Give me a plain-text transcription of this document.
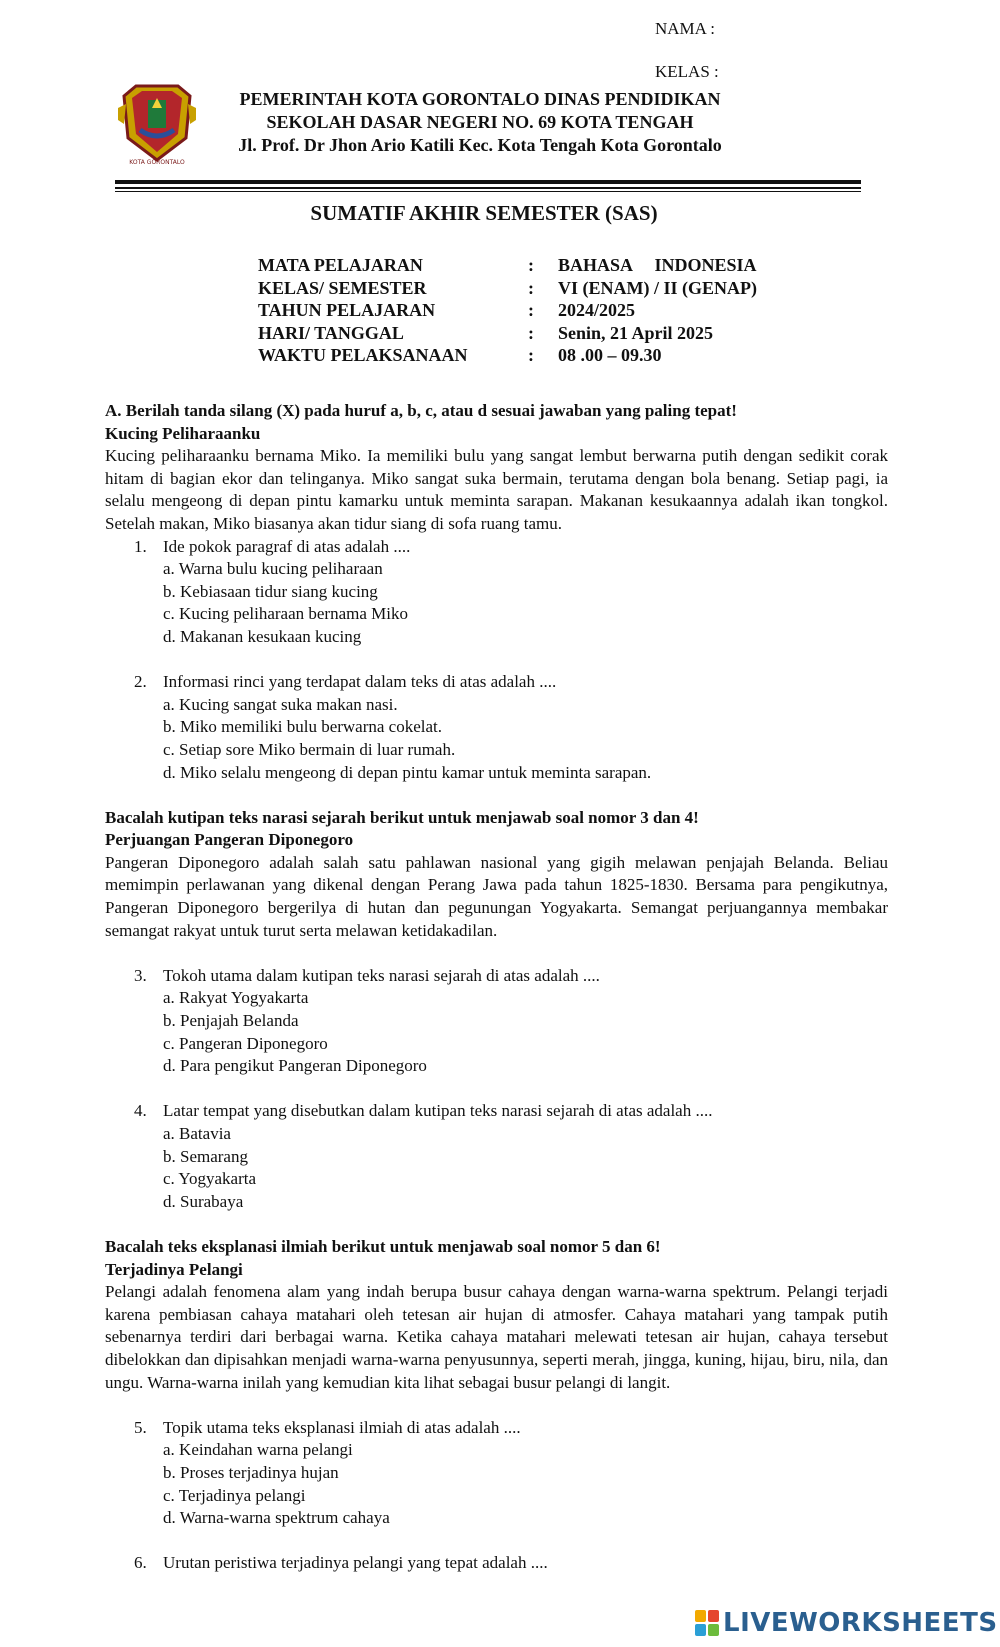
NAMA :
KELAS :
KOTA GORONTALO
PEMERINTAH KOTA GORONTALO DINAS PENDIDIKAN
SEKOLAH DASAR NEGERI NO. 69 KOTA TENGAH
Jl. Prof. Dr Jhon Ario Katili Kec. Kota Tengah Kota Gorontalo
SUMATIF AKHIR SEMESTER (SAS)
MATA PELAJARAN	:	BAHASA     INDONESIA
KELAS/ SEMESTER	:	VI (ENAM) / II (GENAP)
TAHUN PELAJARAN	:	2024/2025
HARI/ TANGGAL	:	Senin, 21 April 2025
WAKTU PELAKSANAAN	:	08 .00 – 09.30

A. Berilah tanda silang (X) pada huruf a, b, c, atau d sesuai jawaban yang paling tepat!

Kucing Peliharaanku

Kucing peliharaanku bernama Miko. Ia memiliki bulu yang sangat lembut berwarna putih dengan sedikit corak hitam di bagian ekor dan telinganya. Miko sangat suka bermain, terutama dengan bola benang. Setiap pagi, ia selalu mengeong di depan pintu kamarku untuk meminta sarapan. Makanan kesukaannya adalah ikan tongkol. Setelah makan, Miko biasanya akan tidur siang di sofa ruang tamu.

1. Ide pokok paragraf di atas adalah ....
a. Warna bulu kucing peliharaan
b. Kebiasaan tidur siang kucing
c. Kucing peliharaan bernama Miko
d. Makanan kesukaan kucing
2. Informasi rinci yang terdapat dalam teks di atas adalah ....
a. Kucing sangat suka makan nasi.
b. Miko memiliki bulu berwarna cokelat.
c. Setiap sore Miko bermain di luar rumah.
d. Miko selalu mengeong di depan pintu kamar untuk meminta sarapan.

Bacalah kutipan teks narasi sejarah berikut untuk menjawab soal nomor 3 dan 4!

Perjuangan Pangeran Diponegoro

Pangeran Diponegoro adalah salah satu pahlawan nasional yang gigih melawan penjajah Belanda. Beliau memimpin perlawanan yang dikenal dengan Perang Jawa pada tahun 1825-1830. Bersama para pengikutnya, Pangeran Diponegoro bergerilya di hutan dan pegunungan Yogyakarta. Semangat perjuangannya membakar semangat rakyat untuk turut serta melawan ketidakadilan.

3. Tokoh utama dalam kutipan teks narasi sejarah di atas adalah ....
a. Rakyat Yogyakarta
b. Penjajah Belanda
c. Pangeran Diponegoro
d. Para pengikut Pangeran Diponegoro
4. Latar tempat yang disebutkan dalam kutipan teks narasi sejarah di atas adalah ....
a. Batavia
b. Semarang
c. Yogyakarta
d. Surabaya

Bacalah teks eksplanasi ilmiah berikut untuk menjawab soal nomor 5 dan 6!

Terjadinya Pelangi

Pelangi adalah fenomena alam yang indah berupa busur cahaya dengan warna-warna spektrum. Pelangi terjadi karena pembiasan cahaya matahari oleh tetesan air hujan di atmosfer. Cahaya matahari yang tampak putih sebenarnya terdiri dari berbagai warna. Ketika cahaya matahari melewati tetesan air hujan, cahaya tersebut dibelokkan dan dipisahkan menjadi warna-warna penyusunnya, seperti merah, jingga, kuning, hijau, biru, nila, dan ungu. Warna-warna inilah yang kemudian kita lihat sebagai busur pelangi di langit.

5. Topik utama teks eksplanasi ilmiah di atas adalah ....
a. Keindahan warna pelangi
b. Proses terjadinya hujan
c. Terjadinya pelangi
d. Warna-warna spektrum cahaya
6. Urutan peristiwa terjadinya pelangi yang tepat adalah ....
LIVEWORKSHEETS
